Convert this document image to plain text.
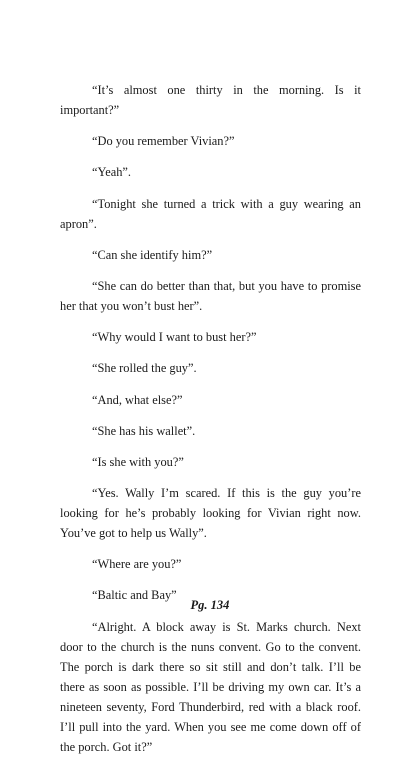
“It’s almost one thirty in the morning. Is it important?”

“Do you remember Vivian?”

“Yeah”.

“Tonight she turned a trick with a guy wearing an apron”.

“Can she identify him?”

“She can do better than that, but you have to promise her that you won’t bust her”.

“Why would I want to bust her?”

“She rolled the guy”.

“And, what else?”

“She has his wallet”.

“Is she with you?”

“Yes. Wally I’m scared. If this is the guy you’re looking for he’s probably looking for Vivian right now. You’ve got to help us Wally”.

“Where are you?”

“Baltic and Bay”

“Alright. A block away is St. Marks church. Next door to the church is the nuns convent. Go to the convent. The porch is dark there so sit still and don’t talk. I’ll be there as soon as possible. I’ll be driving my own car. It’s a nineteen seventy, Ford Thunderbird, red with a black roof. I’ll pull into the yard. When you see me come down off of the porch. Got it?”

Pg. 134
